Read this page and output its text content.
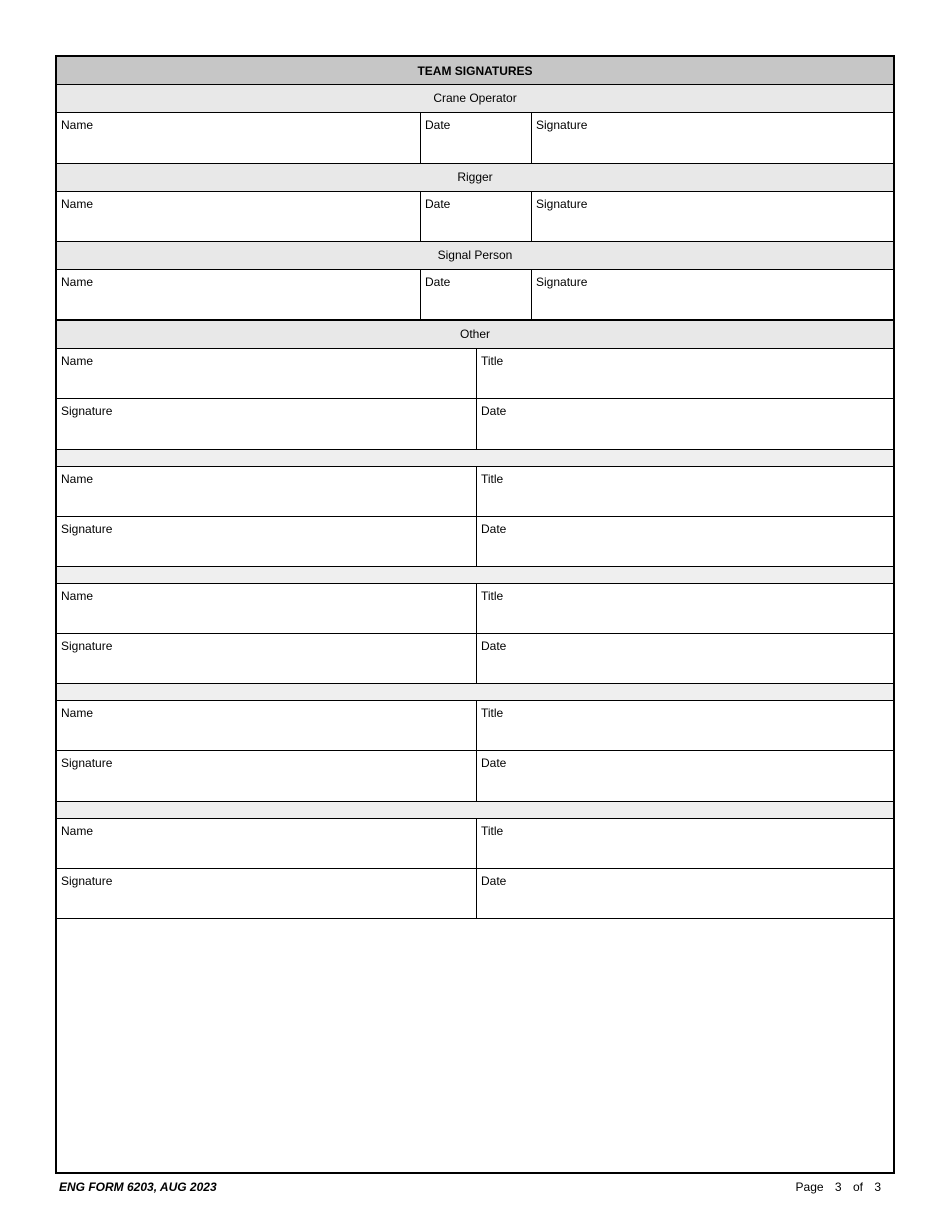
TEAM SIGNATURES
Crane Operator
Name	Date	Signature
Rigger
Name	Date	Signature
Signal Person
Name	Date	Signature
Other
Name	Title
Signature	Date
Name	Title
Signature	Date
Name	Title
Signature	Date
Name	Title
Signature	Date
Name	Title
Signature	Date
ENG FORM 6203, AUG 2023	Page 3 of 3
